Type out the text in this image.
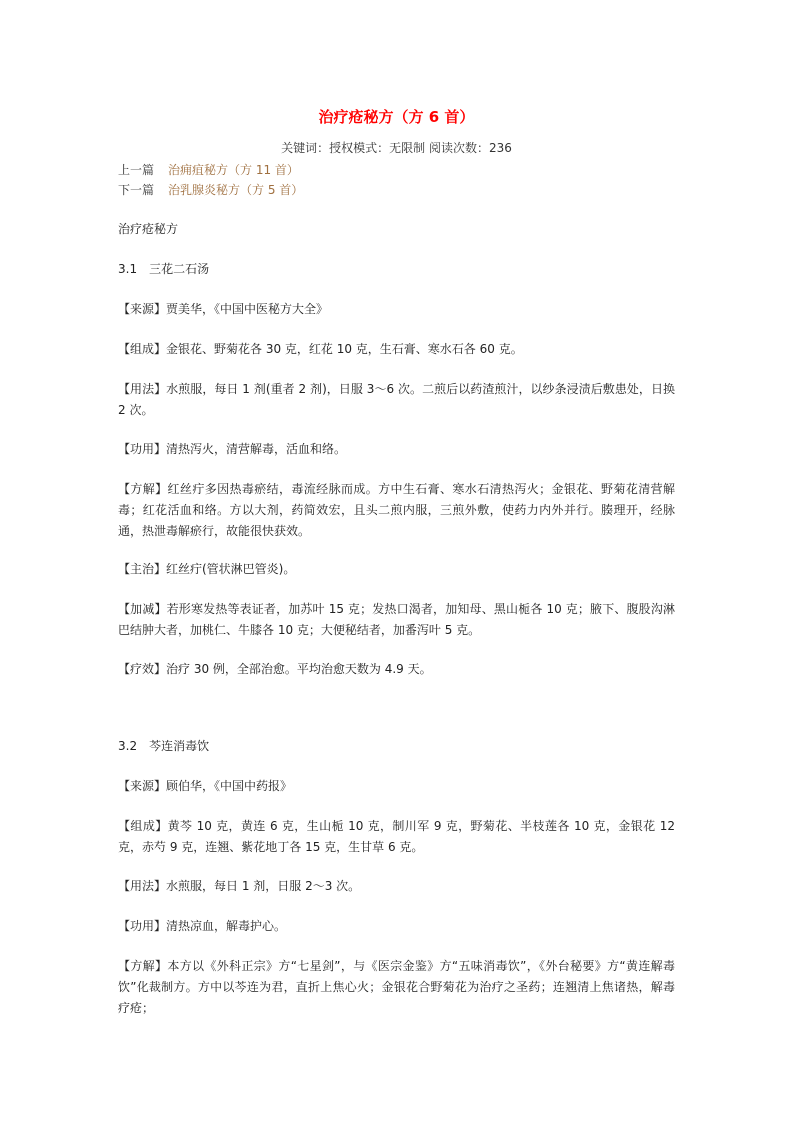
治疗疮秘方（方 6 首）
关键词：授权模式：无限制 阅读次数：236
上一篇 治痈疽秘方（方 11 首）
下一篇 治乳腺炎秘方（方 5 首）

治疗疮秘方

3.1　三花二石汤

【来源】贾美华，《中国中医秘方大全》

【组成】金银花、野菊花各 30 克，红花 10 克，生石膏、寒水石各 60 克。

【用法】水煎服，每日 1 剂(重者 2 剂)，日服 3～6 次。二煎后以药渣煎汁，以纱条浸渍后敷患处，日换 2 次。

【功用】清热泻火，清营解毒，活血和络。

【方解】红丝疔多因热毒瘀结，毒流经脉而成。方中生石膏、寒水石清热泻火；金银花、野菊花清营解毒；红花活血和络。方以大剂，药简效宏，且头二煎内服，三煎外敷，使药力内外并行。腠理开，经脉通，热泄毒解瘀行，故能很快获效。

【主治】红丝疔(管状淋巴管炎)。

【加减】若形寒发热等表证者，加苏叶 15 克；发热口渴者，加知母、黑山栀各 10 克；腋下、腹股沟淋巴结肿大者，加桃仁、牛膝各 10 克；大便秘结者，加番泻叶 5 克。

【疗效】治疗 30 例，全部治愈。平均治愈天数为 4.9 天。

3.2　芩连消毒饮

【来源】顾伯华，《中国中药报》

【组成】黄芩 10 克，黄连 6 克，生山栀 10 克，制川军 9 克，野菊花、半枝莲各 10 克，金银花 12 克，赤芍 9 克，连翘、紫花地丁各 15 克，生甘草 6 克。

【用法】水煎服，每日 1 剂，日服 2～3 次。

【功用】清热凉血，解毒护心。

【方解】本方以《外科正宗》方“七星剑”，与《医宗金鉴》方“五味消毒饮”，《外台秘要》方“黄连解毒饮”化裁制方。方中以芩连为君，直折上焦心火；金银花合野菊花为治疗之圣药；连翘清上焦诸热，解毒疗疮；
